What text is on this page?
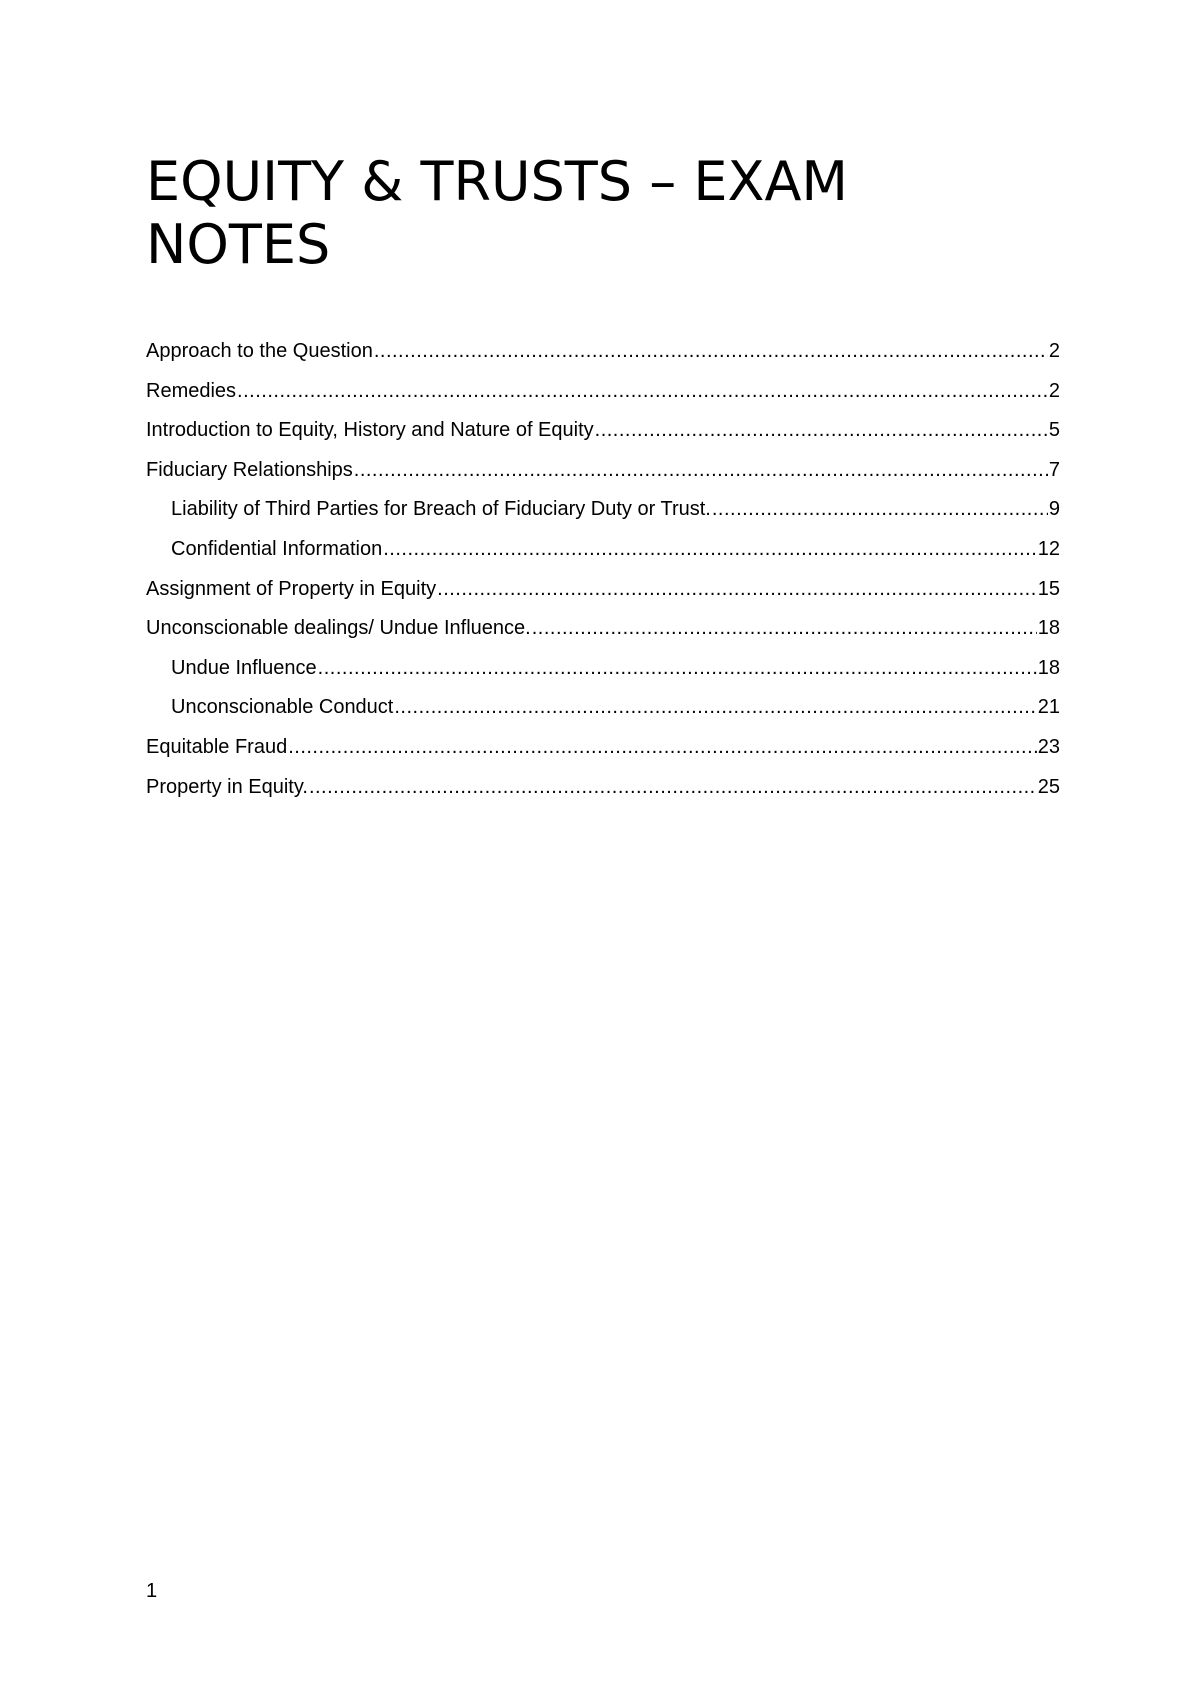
EQUITY & TRUSTS – EXAM NOTES
Approach to the Question .....	2
Remedies .....	2
Introduction to Equity, History and Nature of Equity .....	5
Fiduciary Relationships .....	7
Liability of Third Parties for Breach of Fiduciary Duty or Trust. .....	9
Confidential Information .....	12
Assignment of Property in Equity .....	15
Unconscionable dealings/ Undue Influence. .....	18
Undue Influence .....	18
Unconscionable Conduct .....	21
Equitable Fraud .....	23
Property in Equity. .....	25
1
